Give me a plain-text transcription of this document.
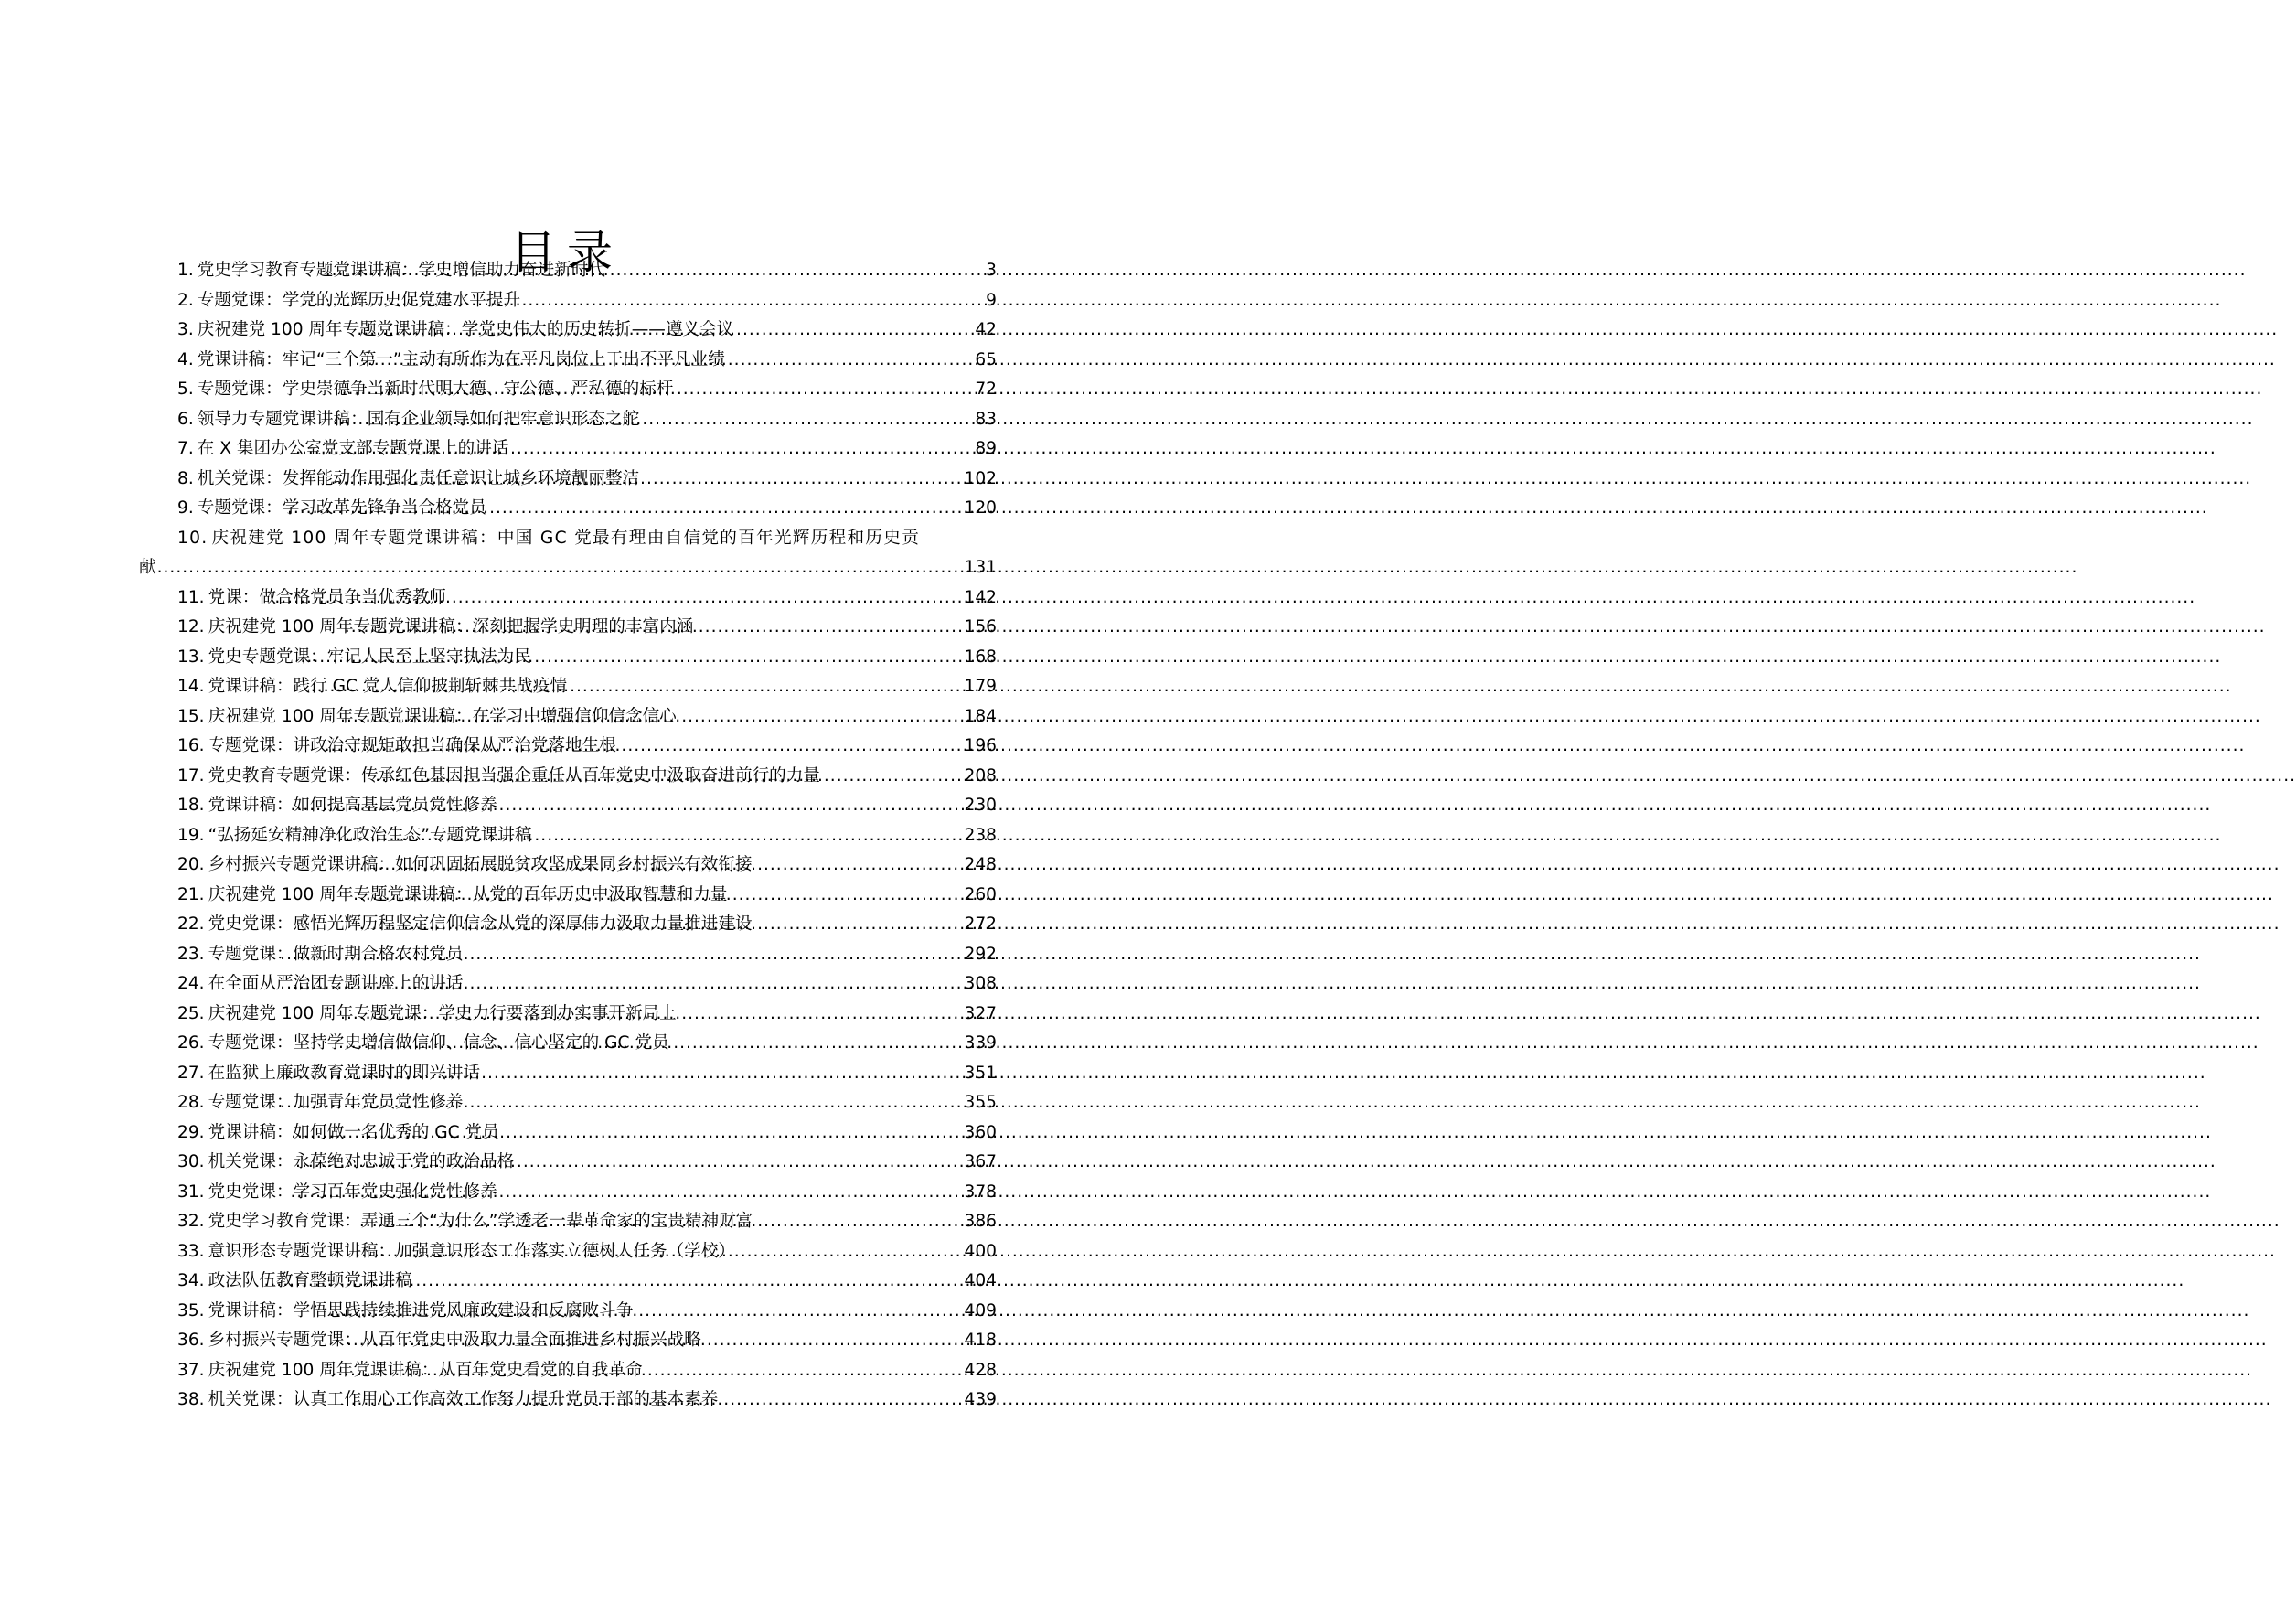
目录
1. 党史学习教育专题党课讲稿：学史增信助力奋进新时代 .....	3
2. 专题党课：学党的光辉历史促党建水平提升 .....	9
3. 庆祝建党 100 周年专题党课讲稿：学党史伟大的历史转折——遵义会议 .....	42
4. 党课讲稿：牢记“三个第一”主动有所作为在平凡岗位上干出不平凡业绩 .....	65
5. 专题党课：学史崇德争当新时代明大德、守公德、严私德的标杆 .....	72
6. 领导力专题党课讲稿：国有企业领导如何把牢意识形态之舵 .....	83
7. 在 X 集团办公室党支部专题党课上的讲话 .....	89
8. 机关党课：发挥能动作用强化责任意识让城乡环境靓丽整洁 .....	102
9. 专题党课：学习改革先锋争当合格党员 .....	120
10. 庆祝建党 100 周年专题党课讲稿：中国 GC 党最有理由自信党的百年光辉历程和历史贡
献 .....	131
11. 党课：做合格党员争当优秀教师 .....	142
12. 庆祝建党 100 周年专题党课讲稿：深刻把握学史明理的丰富内涵 .....	156
13. 党史专题党课：牢记人民至上坚守执法为民 .....	168
14. 党课讲稿：践行 GC 党人信仰披荆斩棘共战疫情 .....	179
15. 庆祝建党 100 周年专题党课讲稿：在学习中增强信仰信念信心 .....	184
16. 专题党课：讲政治守规矩敢担当确保从严治党落地生根 .....	196
17. 党史教育专题党课：传承红色基因担当强企重任从百年党史中汲取奋进前行的力量 .....	208
18. 党课讲稿：如何提高基层党员党性修养 .....	230
19. “弘扬延安精神净化政治生态”专题党课讲稿 .....	238
20. 乡村振兴专题党课讲稿：如何巩固拓展脱贫攻坚成果同乡村振兴有效衔接 .....	248
21. 庆祝建党 100 周年专题党课讲稿：从党的百年历史中汲取智慧和力量 .....	260
22. 党史党课：感悟光辉历程坚定信仰信念从党的深厚伟力汲取力量推进建设 .....	272
23. 专题党课：做新时期合格农村党员 .....	292
24. 在全面从严治团专题讲座上的讲话 .....	308
25. 庆祝建党 100 周年专题党课：学史力行要落到办实事开新局上 .....	327
26. 专题党课：坚持学史增信做信仰、信念、信心坚定的 GC 党员 .....	339
27. 在监狱上廉政教育党课时的即兴讲话 .....	351
28. 专题党课：加强青年党员党性修养 .....	355
29. 党课讲稿：如何做一名优秀的 GC 党员 .....	360
30. 机关党课：永葆绝对忠诚于党的政治品格 .....	367
31. 党史党课：学习百年党史强化党性修养 .....	378
32. 党史学习教育党课：弄通三个“为什么”学透老一辈革命家的宝贵精神财富 .....	386
33. 意识形态专题党课讲稿：加强意识形态工作落实立德树人任务（学校） .....	400
34. 政法队伍教育整顿党课讲稿 .....	404
35. 党课讲稿：学悟思践持续推进党风廉政建设和反腐败斗争 .....	409
36. 乡村振兴专题党课：从百年党史中汲取力量全面推进乡村振兴战略 .....	418
37. 庆祝建党 100 周年党课讲稿：从百年党史看党的自我革命 .....	428
38. 机关党课：认真工作用心工作高效工作努力提升党员干部的基本素养 .....	439
